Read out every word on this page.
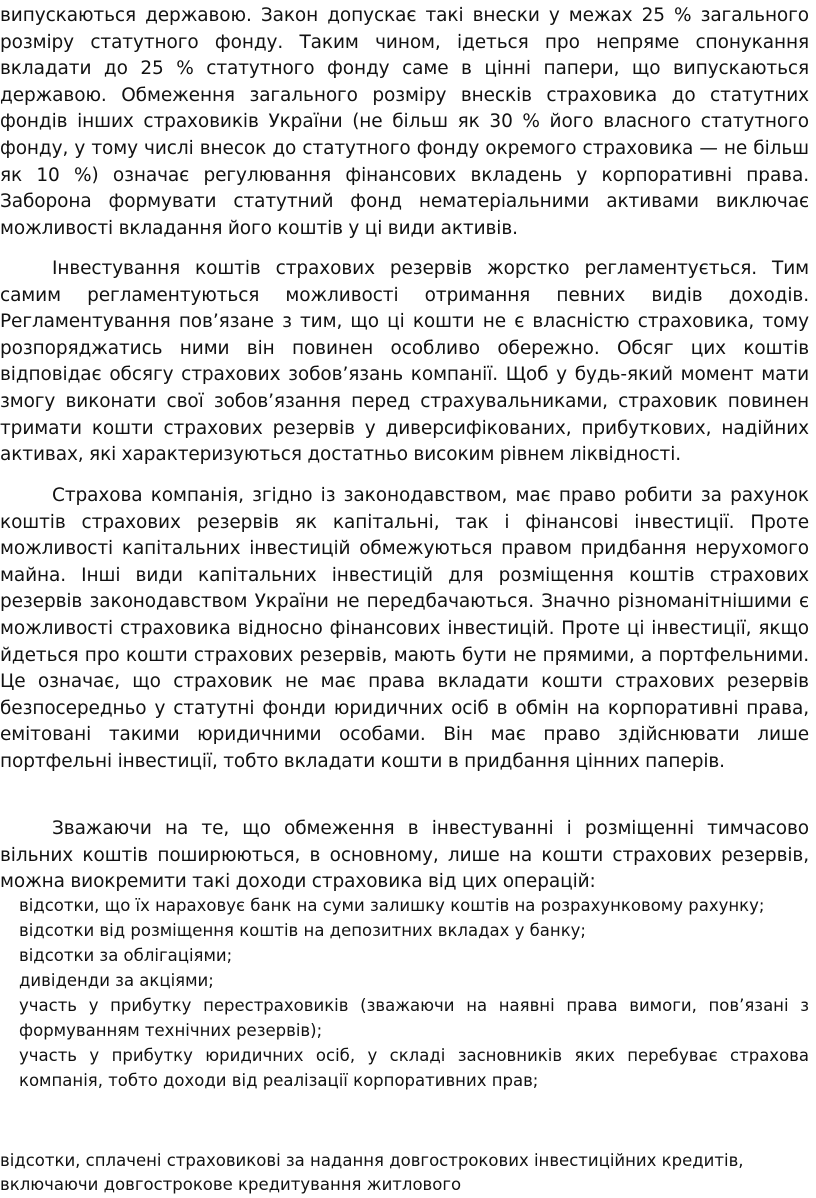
випускаються державою. Закон допускає такі внески у межах 25 % загального розміру статутного фонду. Таким чином, ідеться про непряме спонукання вкладати до 25 % статутного фонду саме в цінні папери, що випускаються державою. Обмеження загального розміру внесків страховика до статутних фондів інших страховиків України (не більш як 30 % його власного статутного фонду, у тому числі внесок до статутного фонду окремого страховика — не більш як 10 %) означає регулювання фінансових вкладень у корпоративні права. Заборона формувати статутний фонд нематеріальними активами виключає можливості вкладання його коштів у ці види активів.

Інвестування коштів страхових резервів жорстко регламентується. Тим самим регламентуються можливості отримання певних видів доходів. Регламентування пов’язане з тим, що ці кошти не є власністю страховика, тому розпоряджатись ними він повинен особливо обережно. Обсяг цих коштів відповідає обсягу страхових зобов’язань компанії. Щоб у будь-який момент мати змогу виконати свої зобов’язання перед страхувальниками, страховик повинен тримати кошти страхових резервів у диверсифікованих, прибуткових, надійних активах, які характеризуються достатньо високим рівнем ліквідності.

Страхова компанія, згідно із законодавством, має право робити за рахунок коштів страхових резервів як капітальні, так і фінансові інвестиції. Проте можливості капітальних інвестицій обмежуються правом придбання нерухомого майна. Інші види капітальних інвестицій для розміщення коштів страхових резервів законодавством України не передбачаються. Значно різноманітнішими є можливості страховика відносно фінансових інвестицій. Проте ці інвестиції, якщо йдеться про кошти страхових резервів, мають бути не прямими, а портфельними. Це означає, що страховик не має права вкладати кошти страхових резервів безпосередньо у статутні фонди юридичних осіб в обмін на корпоративні права, емітовані такими юридичними особами. Він має право здійснювати лише портфельні інвестиції, тобто вкладати кошти в придбання цінних паперів.

Зважаючи на те, що обмеження в інвестуванні і розміщенні тимчасово вільних коштів поширюються, в основному, лише на кошти страхових резервів, можна виокремити такі доходи страховика від цих операцій:

відсотки, що їх нараховує банк на суми залишку коштів на розрахунковому рахунку;
відсотки від розміщення коштів на депозитних вкладах у банку;
відсотки за облігаціями;
дивіденди за акціями;
участь у прибутку перестраховиків (зважаючи на наявні права вимоги, пов’язані з формуванням технічних резервів);
участь у прибутку юридичних осіб, у складі засновників яких перебуває страхова компанія, тобто доходи від реалізації корпоративних прав;

відсотки, сплачені страховикові за надання довгострокових інвестиційних кредитів, включаючи довгострокове кредитування житлового
